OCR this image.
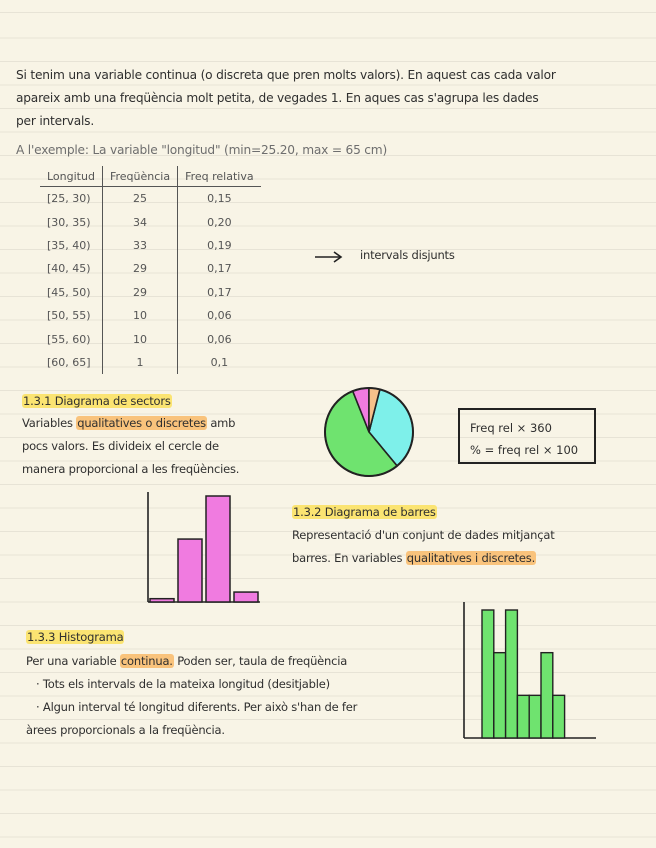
Si tenim una variable continua (o discreta que pren molts valors). En aquest cas cada valor
apareix amb una freqüència molt petita, de vegades 1. En aques cas s'agrupa les dades
per intervals.
A l'exemple: La variable "longitud" (min=25.20, max = 65 cm)
Longitud	Freqüència	Freq relativa
[25, 30)	25	0,15
[30, 35)	34	0,20
[35, 40)	33	0,19
[40, 45)	29	0,17
[45, 50)	29	0,17
[50, 55)	10	0,06
[55, 60)	10	0,06
[60, 65]	1	0,1
intervals disjunts
1.3.1 Diagrama de sectors
Variables qualitatives o discretes amb
pocs valors. Es divideix el cercle de
manera proporcional a les freqüències.
Freq rel × 360
% = freq rel × 100
1.3.2 Diagrama de barres
Representació d'un conjunt de dades mitjançat
barres. En variables qualitatives i discretes.
1.3.3 Histograma
Per una variable continua. Poden ser, taula de freqüència
· Tots els intervals de la mateixa longitud (desitjable)
· Algun interval té longitud diferents. Per això s'han de fer
àrees proporcionals a la freqüència.
